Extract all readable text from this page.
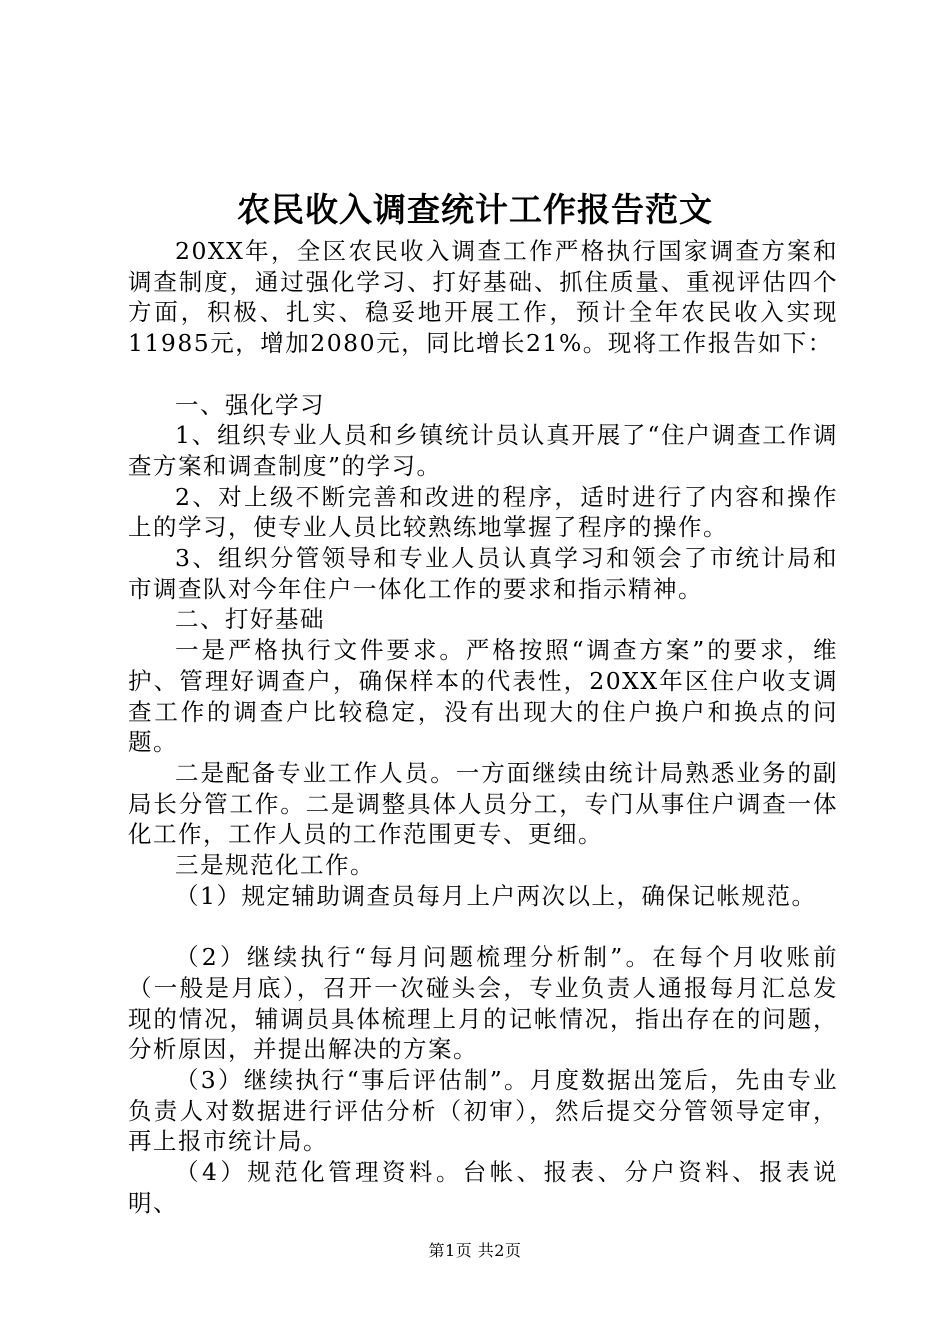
农民收入调查统计工作报告范文

20XX年，全区农民收入调查工作严格执行国家调查方案和调查制度，通过强化学习、打好基础、抓住质量、重视评估四个方面，积极、扎实、稳妥地开展工作，预计全年农民收入实现11985元，增加2080元，同比增长21%。现将工作报告如下：

一、强化学习

1、组织专业人员和乡镇统计员认真开展了“住户调查工作调查方案和调查制度”的学习。

2、对上级不断完善和改进的程序，适时进行了内容和操作上的学习，使专业人员比较熟练地掌握了程序的操作。

3、组织分管领导和专业人员认真学习和领会了市统计局和市调查队对今年住户一体化工作的要求和指示精神。

二、打好基础

一是严格执行文件要求。严格按照“调查方案”的要求，维护、管理好调查户，确保样本的代表性，20XX年区住户收支调查工作的调查户比较稳定，没有出现大的住户换户和换点的问题。

二是配备专业工作人员。一方面继续由统计局熟悉业务的副局长分管工作。二是调整具体人员分工，专门从事住户调查一体化工作，工作人员的工作范围更专、更细。

三是规范化工作。

（1）规定辅助调查员每月上户两次以上，确保记帐规范。

（2）继续执行“每月问题梳理分析制”。在每个月收账前（一般是月底），召开一次碰头会，专业负责人通报每月汇总发现的情况，辅调员具体梳理上月的记帐情况，指出存在的问题，分析原因，并提出解决的方案。

（3）继续执行“事后评估制”。月度数据出笼后，先由专业负责人对数据进行评估分析（初审），然后提交分管领导定审，再上报市统计局。

（4）规范化管理资料。台帐、报表、分户资料、报表说明、

第1页 共2页
